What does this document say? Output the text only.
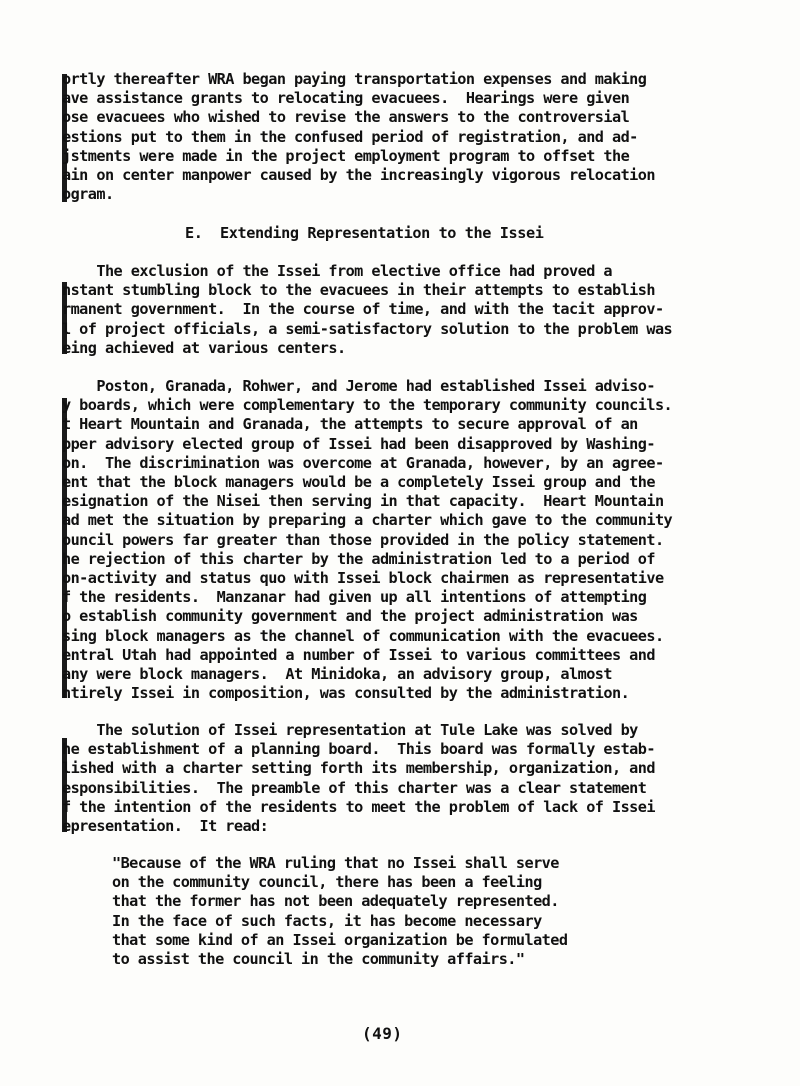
ortly thereafter WRA began paying transportation expenses and making
ave assistance grants to relocating evacuees.  Hearings were given
ose evacuees who wished to revise the answers to the controversial
estions put to them in the confused period of registration, and ad-
jstments were made in the project employment program to offset the
ain on center manpower caused by the increasingly vigorous relocation
ogram.

E.  Extending Representation to the Issei

The exclusion of the Issei from elective office had proved a
nstant stumbling block to the evacuees in their attempts to establish
rmanent government.  In the course of time, and with the tacit approv-
l of project officials, a semi-satisfactory solution to the problem was
eing achieved at various centers.

Poston, Granada, Rohwer, and Jerome had established Issei adviso-
y boards, which were complementary to the temporary community councils.
t Heart Mountain and Granada, the attempts to secure approval of an
pper advisory elected group of Issei had been disapproved by Washing-
on.  The discrimination was overcome at Granada, however, by an agree-
ent that the block managers would be a completely Issei group and the
esignation of the Nisei then serving in that capacity.  Heart Mountain
ad met the situation by preparing a charter which gave to the community
ouncil powers far greater than those provided in the policy statement.
he rejection of this charter by the administration led to a period of
on-activity and status quo with Issei block chairmen as representative
f the residents.  Manzanar had given up all intentions of attempting
o establish community government and the project administration was
sing block managers as the channel of communication with the evacuees.
entral Utah had appointed a number of Issei to various committees and
any were block managers.  At Minidoka, an advisory group, almost
ntirely Issei in composition, was consulted by the administration.

The solution of Issei representation at Tule Lake was solved by
he establishment of a planning board.  This board was formally estab-
lished with a charter setting forth its membership, organization, and
esponsibilities.  The preamble of this charter was a clear statement
f the intention of the residents to meet the problem of lack of Issei
epresentation.  It read:

"Because of the WRA ruling that no Issei shall serve
on the community council, there has been a feeling
that the former has not been adequately represented.
In the face of such facts, it has become necessary
that some kind of an Issei organization be formulated
to assist the council in the community affairs."

(49)
